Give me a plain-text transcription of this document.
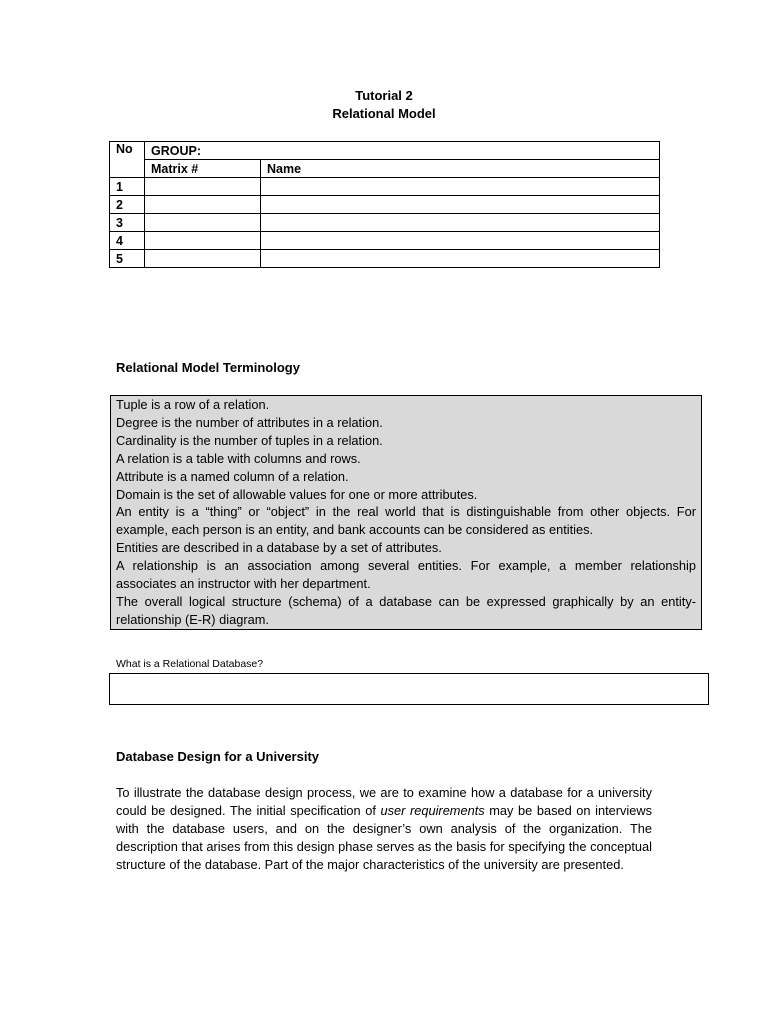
Tutorial 2
Relational Model
No	GROUP:	
	Matrix #	Name
1		
2		
3		
4		
5		
Relational Model Terminology

Tuple is a row of a relation.

Degree is the number of attributes in a relation.

Cardinality is the number of tuples in a relation.

A relation is a table with columns and rows.

Attribute is a named column of a relation.

Domain is the set of allowable values for one or more attributes.

An entity is a “thing” or “object” in the real world that is distinguishable from other objects. For example, each person is an entity, and bank accounts can be considered as entities.

Entities are described in a database by a set of attributes.

A relationship is an association among several entities. For example, a member relationship associates an instructor with her department.

The overall logical structure (schema) of a database can be expressed graphically by an entity-relationship (E-R) diagram.

What is a Relational Database?
Database Design for a University

To illustrate the database design process, we are to examine how a database for a university could be designed. The initial specification of user requirements may be based on interviews with the database users, and on the designer’s own analysis of the organization. The description that arises from this design phase serves as the basis for specifying the conceptual structure of the database. Part of the major characteristics of the university are presented.
